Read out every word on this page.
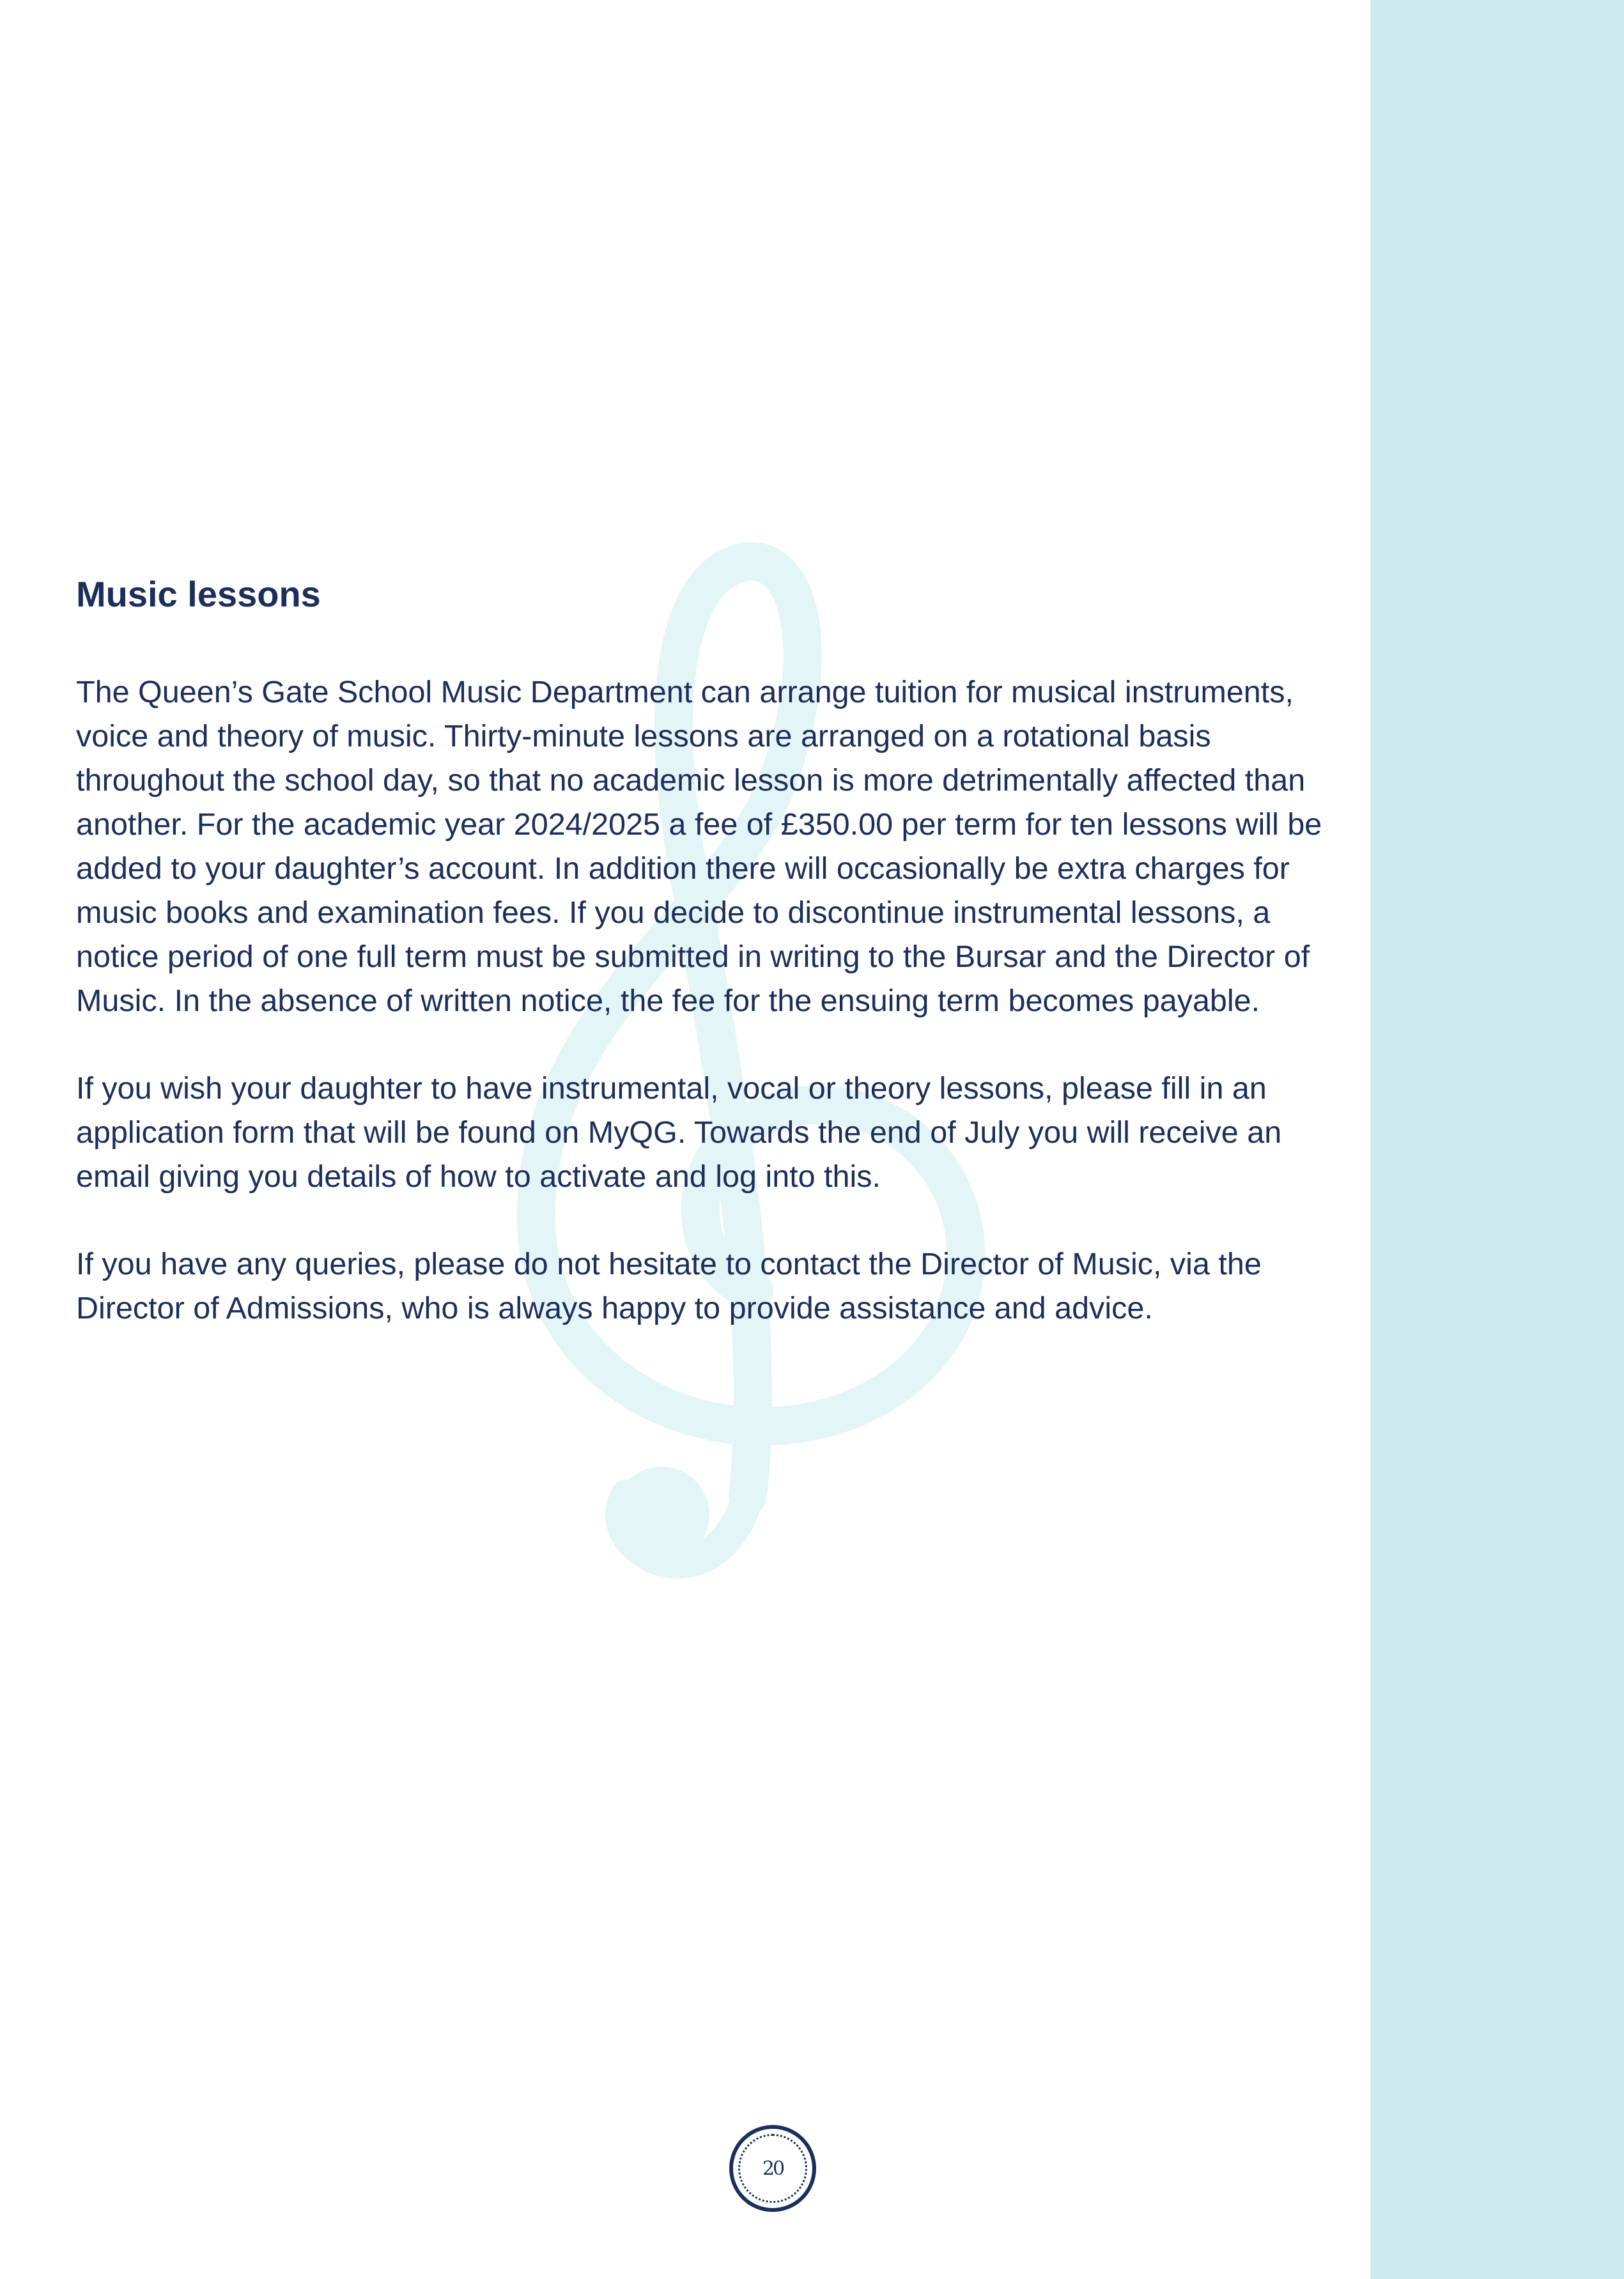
Music lessons

The Queen’s Gate School Music Department can arrange tuition for musical instruments, voice and theory of music. Thirty-minute lessons are arranged on a rotational basis throughout the school day, so that no academic lesson is more detrimentally affected than another. For the academic year 2024/2025 a fee of £350.00 per term for ten lessons will be added to your daughter’s account. In addition there will occasionally be extra charges for music books and examination fees. If you decide to discontinue instrumental lessons, a notice period of one full term must be submitted in writing to the Bursar and the Director of Music. In the absence of written notice, the fee for the ensuing term becomes payable.

If you wish your daughter to have instrumental, vocal or theory lessons, please fill in an application form that will be found on MyQG. Towards the end of July you will receive an email giving you details of how to activate and log into this.

If you have any queries, please do not hesitate to contact the Director of Music, via the Director of Admissions, who is always happy to provide assistance and advice.

20
